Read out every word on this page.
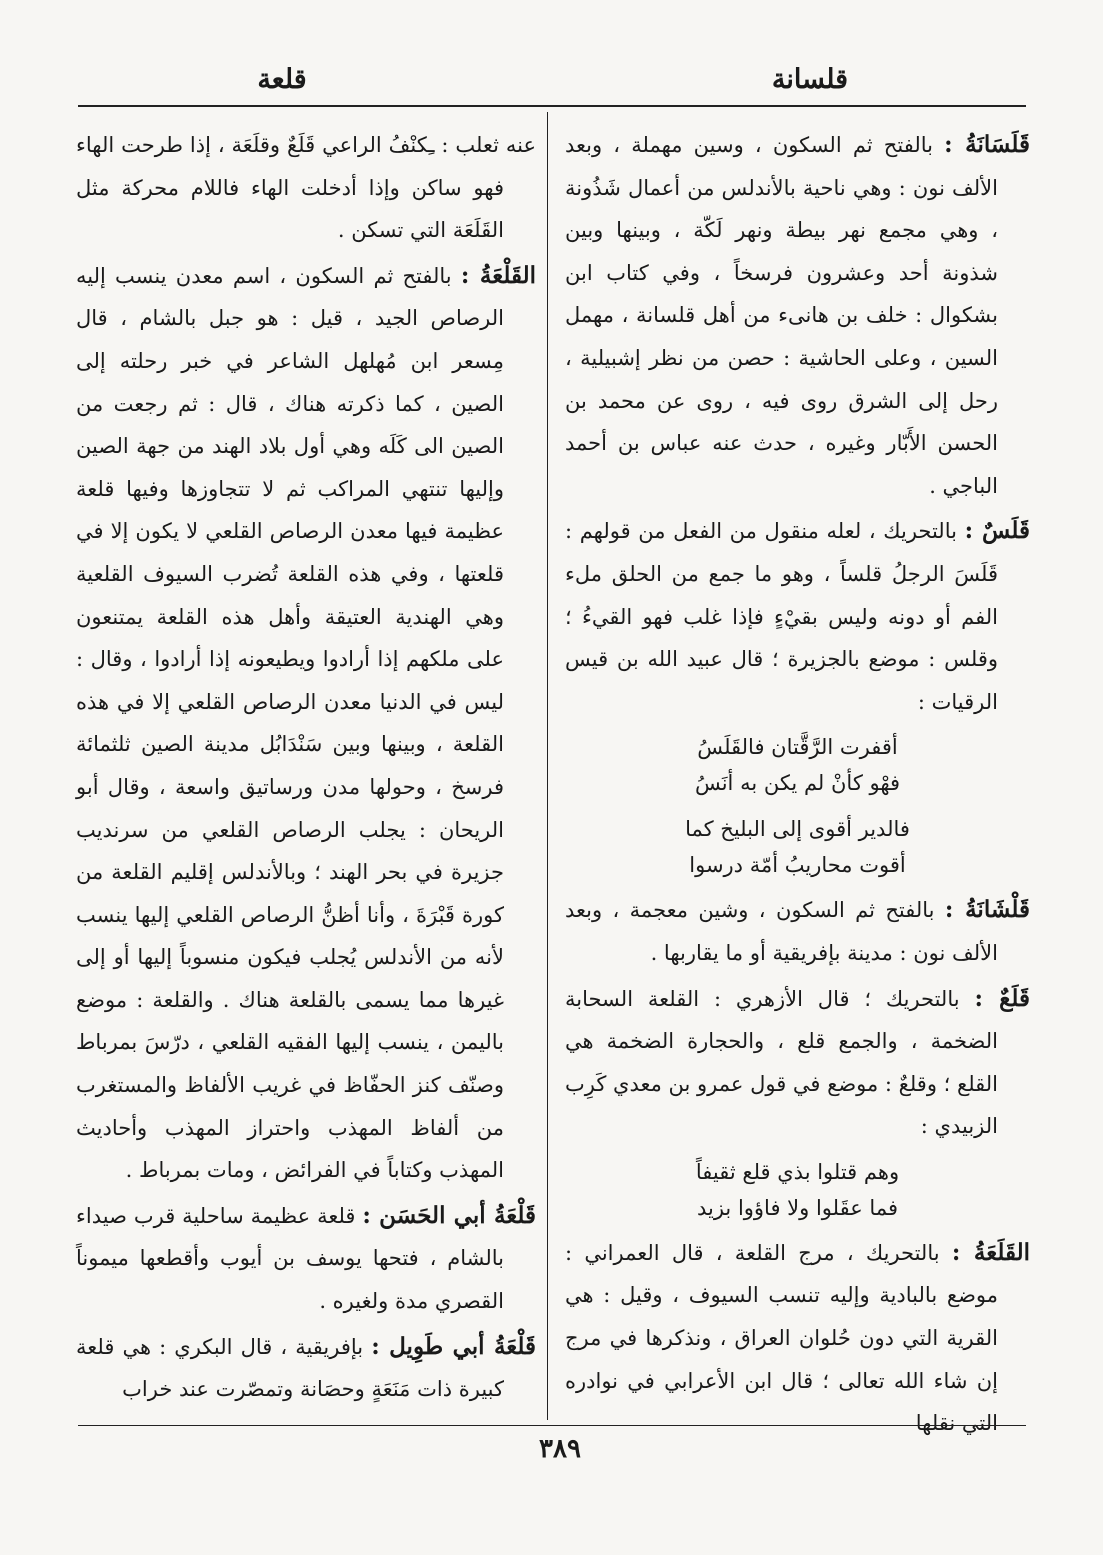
قلسانة
قلعة

قَلَسَانَةُ : بالفتح ثم السكون ، وسين مهملة ، وبعد الألف نون : وهي ناحية بالأندلس من أعمال شَذُونة ، وهي مجمع نهر بيطة ونهر لَكّة ، وبينها وبين شذونة أحد وعشرون فرسخاً ، وفي كتاب ابن بشكوال : خلف بن هانىء من أهل قلسانة ، مهمل السين ، وعلى الحاشية : حصن من نظر إشبيلية ، رحل إلى الشرق روى فيه ، روى عن محمد بن الحسن الأَبّار وغيره ، حدث عنه عباس بن أحمد الباجي .

قَلَسٌ : بالتحريك ، لعله منقول من الفعل من قولهم : قَلَسَ الرجلُ قلساً ، وهو ما جمع من الحلق ملء الفم أو دونه وليس بقيْءٍ فإذا غلب فهو القيءُ ؛ وقلس : موضع بالجزيرة ؛ قال عبيد الله بن قيس الرقيات :

أقفرت الرَّقَّتان فالقَلَسُ
فهْو كأنْ لم يكن به أنَسُ
فالدير أقوى إلى البليخ كما
أقوت محاريبُ أمّة درسوا

قَلْشَانَةُ : بالفتح ثم السكون ، وشين معجمة ، وبعد الألف نون : مدينة بإفريقية أو ما يقاربها .

قَلَعٌ : بالتحريك ؛ قال الأزهري : القلعة السحابة الضخمة ، والجمع قلع ، والحجارة الضخمة هي القلع ؛ وقلعٌ : موضع في قول عمرو بن معدي كَرِب الزبيدي :

وهم قتلوا بذي قلع ثقيفاً
فما عقَلوا ولا فاؤوا بزيد

القَلَعَةُ : بالتحريك ، مرج القلعة ، قال العمراني : موضع بالبادية وإليه تنسب السيوف ، وقيل : هي القرية التي دون حُلوان العراق ، ونذكرها في مرج إن شاء الله تعالى ؛ قال ابن الأعرابي في نوادره التي نقلها

عنه ثعلب : ـِكنْفُ الراعي قَلَعٌ وقلَعَة ، إذا طرحت الهاء فهو ساكن وإذا أدخلت الهاء فاللام محركة مثل القَلَعَة التي تسكن .

القَلْعَةُ : بالفتح ثم السكون ، اسم معدن ينسب إليه الرصاص الجيد ، قيل : هو جبل بالشام ، قال مِسعر ابن مُهلهل الشاعر في خبر رحلته إلى الصين ، كما ذكرته هناك ، قال : ثم رجعت من الصين الى كَلَه وهي أول بلاد الهند من جهة الصين وإليها تنتهي المراكب ثم لا تتجاوزها وفيها قلعة عظيمة فيها معدن الرصاص القلعي لا يكون إلا في قلعتها ، وفي هذه القلعة تُضرب السيوف القلعية وهي الهندية العتيقة وأهل هذه القلعة يمتنعون على ملكهم إذا أرادوا ويطيعونه إذا أرادوا ، وقال : ليس في الدنيا معدن الرصاص القلعي إلا في هذه القلعة ، وبينها وبين سَنْدَابُل مدينة الصين ثلثمائة فرسخ ، وحولها مدن ورساتيق واسعة ، وقال أبو الريحان : يجلب الرصاص القلعي من سرنديب جزيرة في بحر الهند ؛ وبالأندلس إقليم القلعة من كورة قَبْرَةَ ، وأنا أظنُّ الرصاص القلعي إليها ينسب لأنه من الأندلس يُجلب فيكون منسوباً إليها أو إلى غيرها مما يسمى بالقلعة هناك . والقلعة : موضع باليمن ، ينسب إليها الفقيه القلعي ، درّسَ بمرباط وصنّف كنز الحفّاظ في غريب الألفاظ والمستغرب من ألفاظ المهذب واحتراز المهذب وأحاديث المهذب وكتاباً في الفرائض ، ومات بمرباط .

قَلْعَةُ أبي الحَسَن : قلعة عظيمة ساحلية قرب صيداء بالشام ، فتحها يوسف بن أيوب وأقطعها ميموناً القصري مدة ولغيره .

قَلْعَةُ أبي طَوِيل : بإفريقية ، قال البكري : هي قلعة كبيرة ذات مَنَعَةٍ وحصَانة وتمصّرت عند خراب

٣٨٩
